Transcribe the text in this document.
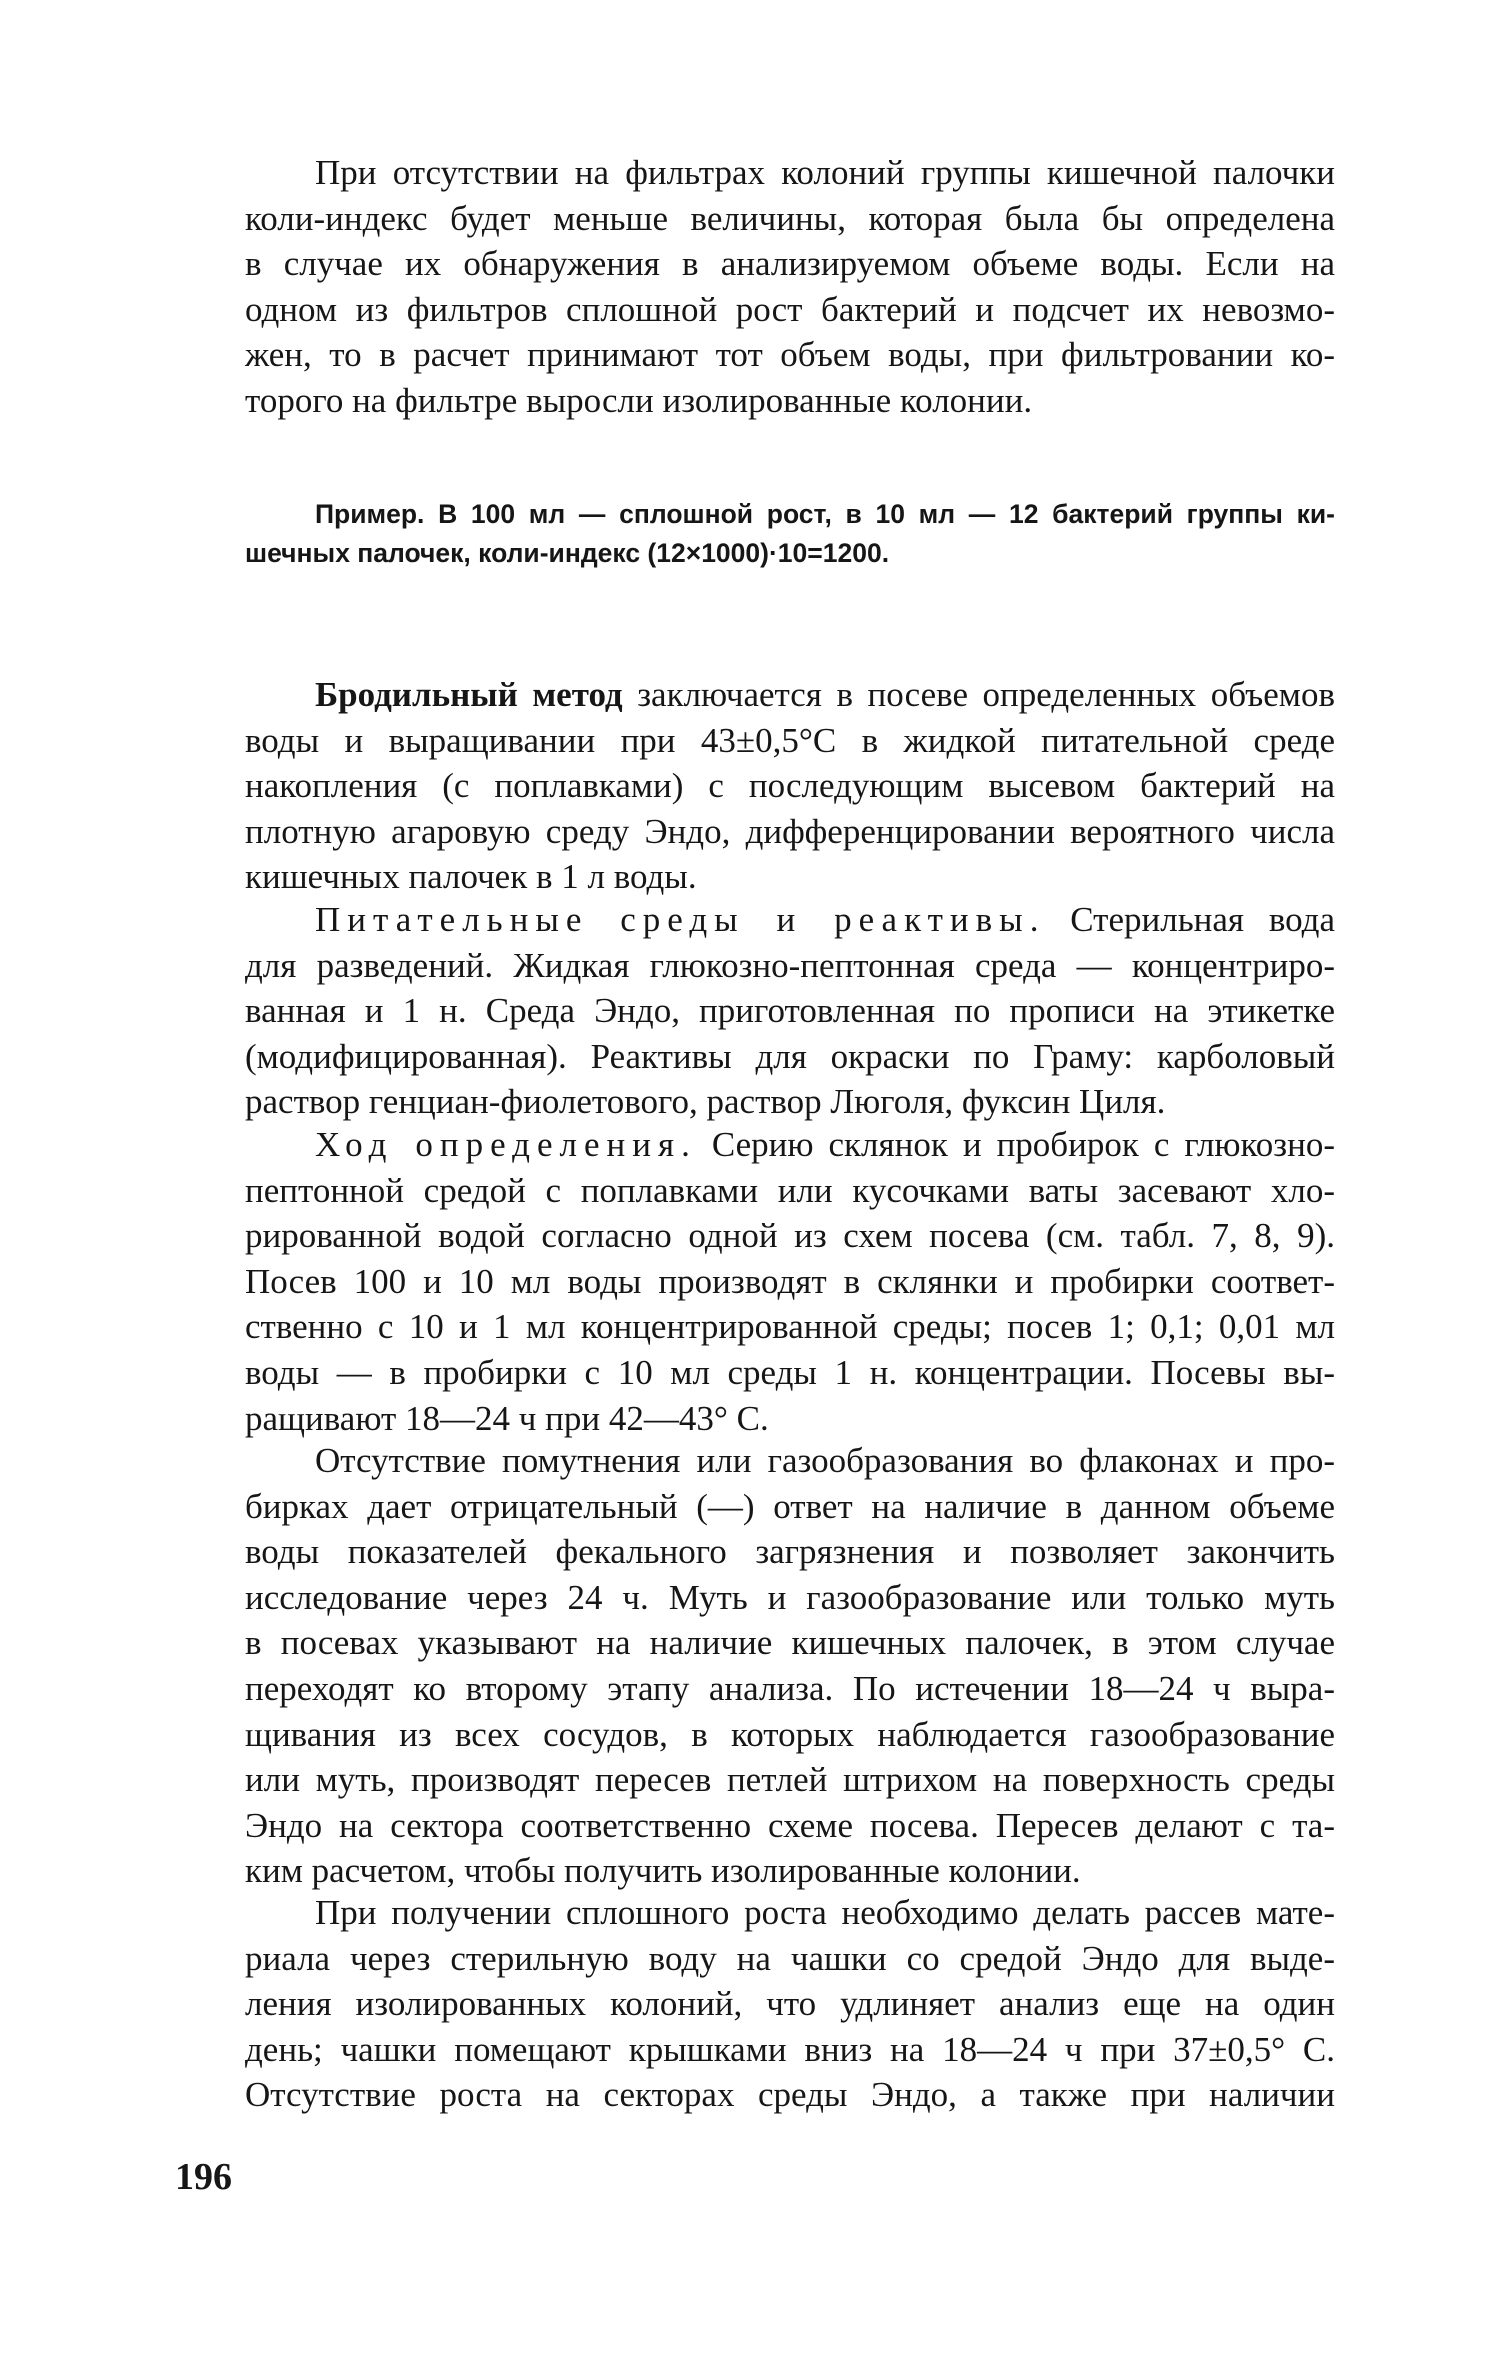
При отсутствии на фильтрах колоний группы кишечной палочки
коли-индекс будет меньше величины, которая была бы определена
в случае их обнаружения в анализируемом объеме воды. Если на
одном из фильтров сплошной рост бактерий и подсчет их невозмо-
жен, то в расчет принимают тот объем воды, при фильтровании ко-
торого на фильтре выросли изолированные колонии.
Пример. В 100 мл — сплошной рост, в 10 мл — 12 бактерий группы ки-
шечных палочек, коли-индекс (12×1000)·10=1200.
Бродильный метод заключается в посеве определенных объемов
воды и выращивании при 43±0,5°С в жидкой питательной среде
накопления (с поплавками) с последующим высевом бактерий на
плотную агаровую среду Эндо, дифференцировании вероятного числа
кишечных палочек в 1 л воды.
Питательные среды и реактивы. Стерильная вода
для разведений. Жидкая глюкозно-пептонная среда — концентриро-
ванная и 1 н. Среда Эндо, приготовленная по прописи на этикетке
(модифицированная). Реактивы для окраски по Граму: карболовый
раствор генциан-фиолетового, раствор Люголя, фуксин Циля.
Ход определения. Серию склянок и пробирок с глюкозно-
пептонной средой с поплавками или кусочками ваты засевают хло-
рированной водой согласно одной из схем посева (см. табл. 7, 8, 9).
Посев 100 и 10 мл воды производят в склянки и пробирки соответ-
ственно с 10 и 1 мл концентрированной среды; посев 1; 0,1; 0,01 мл
воды — в пробирки с 10 мл среды 1 н. концентрации. Посевы вы-
ращивают 18—24 ч при 42—43° С.
Отсутствие помутнения или газообразования во флаконах и про-
бирках дает отрицательный (—) ответ на наличие в данном объеме
воды показателей фекального загрязнения и позволяет закончить
исследование через 24 ч. Муть и газообразование или только муть
в посевах указывают на наличие кишечных палочек, в этом случае
переходят ко второму этапу анализа. По истечении 18—24 ч выра-
щивания из всех сосудов, в которых наблюдается газообразование
или муть, производят пересев петлей штрихом на поверхность среды
Эндо на сектора соответственно схеме посева. Пересев делают с та-
ким расчетом, чтобы получить изолированные колонии.
При получении сплошного роста необходимо делать рассев мате-
риала через стерильную воду на чашки со средой Эндо для выде-
ления изолированных колоний, что удлиняет анализ еще на один
день; чашки помещают крышками вниз на 18—24 ч при 37±0,5° С.
Отсутствие роста на секторах среды Эндо, а также при наличии
196
